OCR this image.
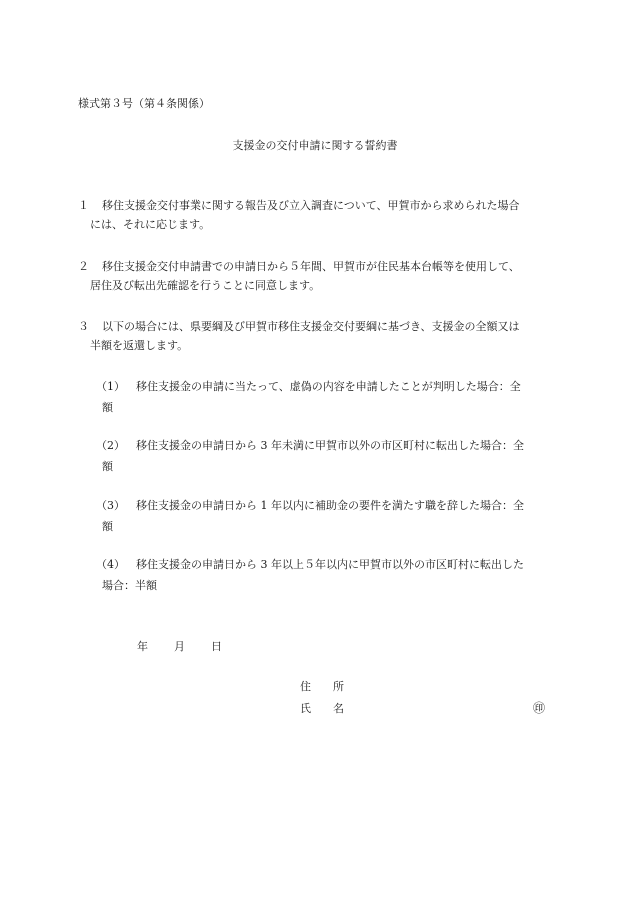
様式第３号（第４条関係）
支援金の交付申請に関する誓約書
１ 移住支援金交付事業に関する報告及び立入調査について、甲賀市から求められた場合
には、それに応じます。
２ 移住支援金交付申請書での申請日から５年間、甲賀市が住民基本台帳等を使用して、
居住及び転出先確認を行うことに同意します。
３ 以下の場合には、県要綱及び甲賀市移住支援金交付要綱に基づき、支援金の全額又は
半額を返還します。
（1） 移住支援金の申請に当たって、虚偽の内容を申請したことが判明した場合：全
額
（2） 移住支援金の申請日から 3 年未満に甲賀市以外の市区町村に転出した場合：全
額
（3） 移住支援金の申請日から 1 年以内に補助金の要件を満たす職を辞した場合：全
額
（4） 移住支援金の申請日から 3 年以上５年以内に甲賀市以外の市区町村に転出した
場合：半額
年 月 日
住　　所
氏　　名	㊞
